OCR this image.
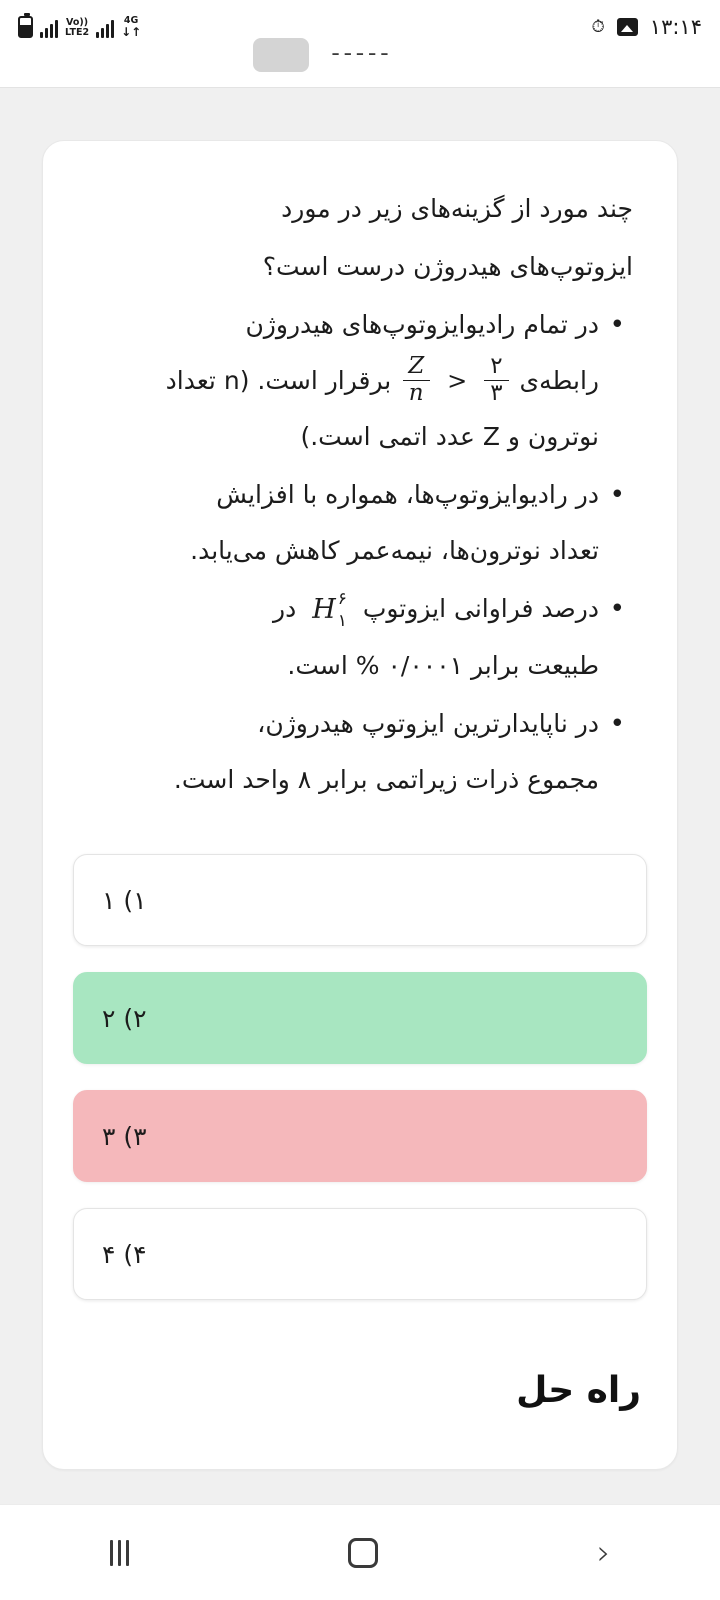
Vo))
LTE2
4G
↓↑	⏱ ۱۳:۱۴
ـ ـ ـ ـ ـ
چند مورد از گزینه‌های زیر در مورد
ایزوتوپ‌های هیدروژن درست است؟
• در تمام رادیوایزوتوپ‌های هیدروژن
رابطه‌ی
$\frac{۲}{۳}$
<
$\frac{Z}{n}$
برقرار است. (n تعداد
نوترون و Z عدد اتمی است.)
• در رادیوایزوتوپ‌ها، همواره با افزایش
تعداد نوترون‌ها، نیمه‌عمر کاهش می‌یابد.
• درصد فراوانی ایزوتوپ
H ۶
۱
در
طبیعت برابر ۰/۰۰۰۱ % است.
• در ناپایدارترین ایزوتوپ هیدروژن،
مجموع ذرات زیراتمی برابر ۸ واحد است.
۱) ۱
۲) ۲
۳) ۳
۴) ۴
راه حل
›
